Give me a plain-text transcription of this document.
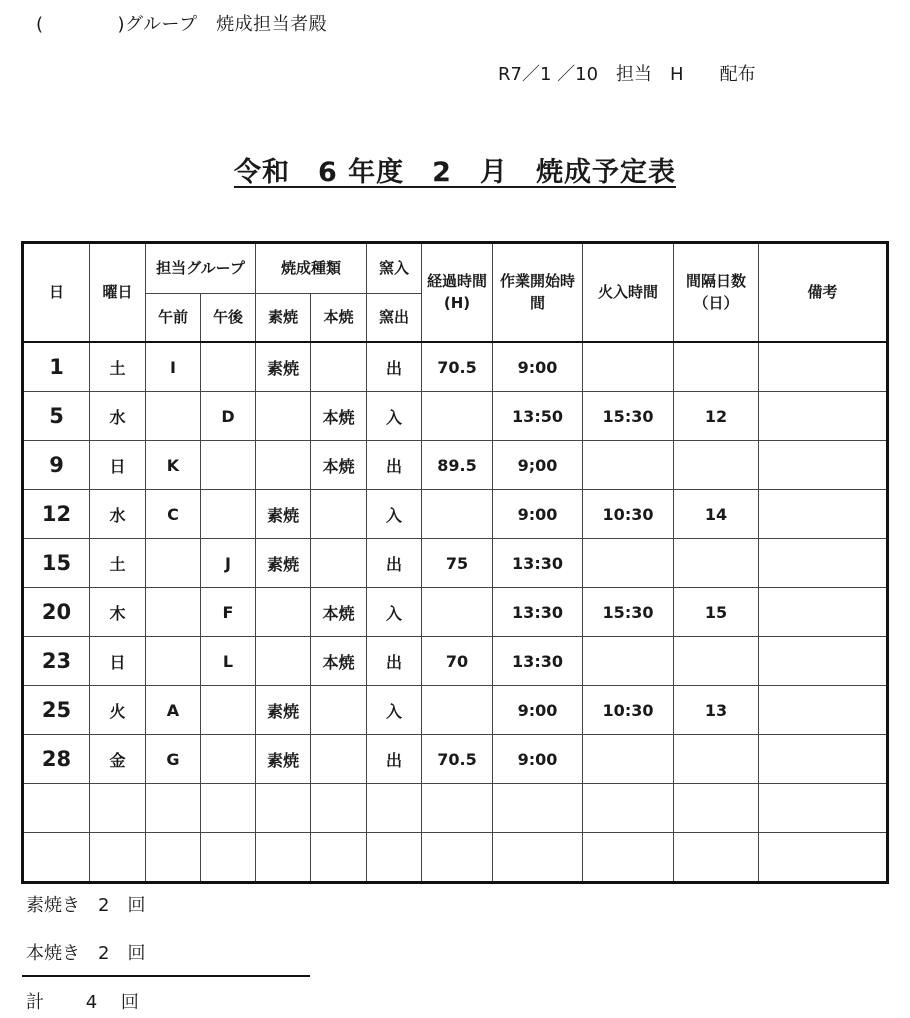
(　　　　)グループ　焼成担当者殿
R7／1 ／10　担当　H　　配布
令和　6 年度　2　月　焼成予定表
日	曜日	担当グループ		焼成種類		窯入	経過時間(H)	作業開始時間	火入時間	間隔日数（日）	備考
		午前	午後	素焼	本焼	窯出					
1	土	I		素焼		出	70.5	9:00			
5	水		D		本焼	入		13:50	15:30	12	
9	日	K			本焼	出	89.5	9;00			
12	水	C		素焼		入		9:00	10:30	14	
15	土		J	素焼		出	75	13:30			
20	木		F		本焼	入		13:30	15:30	15	
23	日		L		本焼	出	70	13:30			
25	火	A		素焼		入		9:00	10:30	13	
28	金	G		素焼		出	70.5	9:00			

素焼き　2　回
本焼き　2　回
計　　 4　 回
